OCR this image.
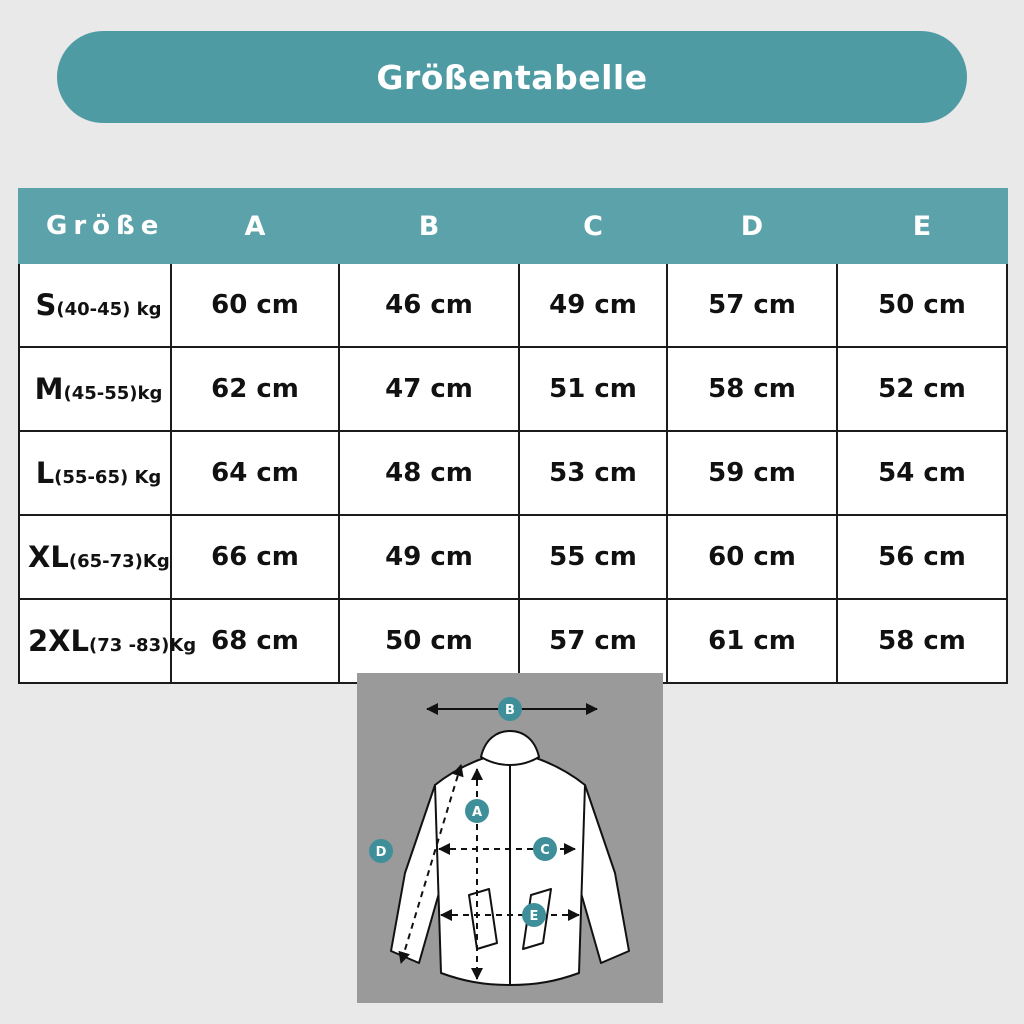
Größentabelle
Größe	A	B	C	D	E
S(40-45) kg	60 cm	46 cm	49 cm	57 cm	50 cm
M(45-55)kg	62 cm	47 cm	51 cm	58 cm	52 cm
L(55-65) Kg	64 cm	48 cm	53 cm	59 cm	54 cm
XL(65-73)Kg	66 cm	49 cm	55 cm	60 cm	56 cm
2XL(73 -83)Kg	68 cm	50 cm	57 cm	61 cm	58 cm
B
A
C
D
E
